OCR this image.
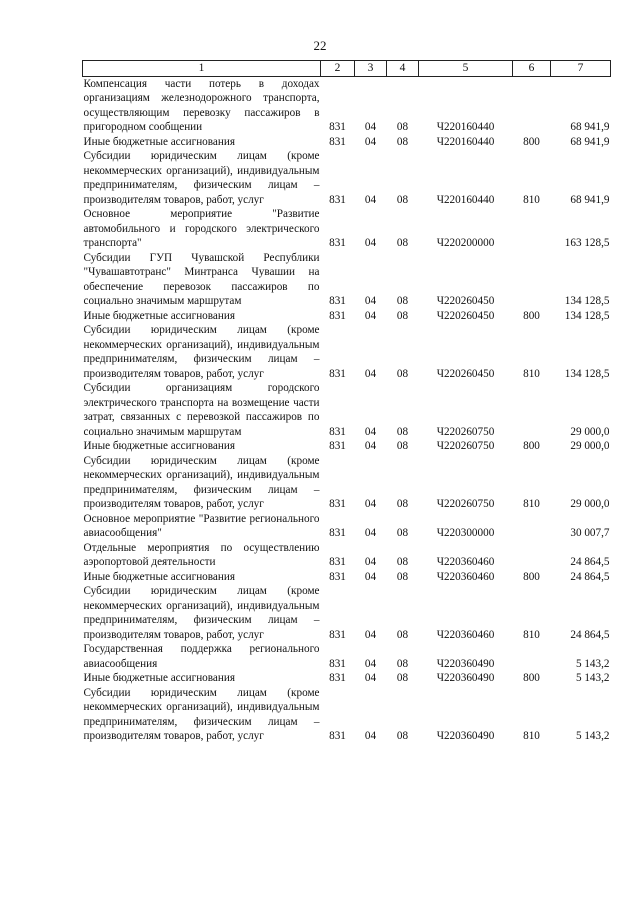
22
1	2	3	4	5	6	7
Компенсация части потерь в доходах организациям железнодорожного транспорта, осуществляющим перевозку пассажиров в пригородном сообщении	831	04	08	Ч220160440		68 941,9
Иные бюджетные ассигнования	831	04	08	Ч220160440	800	68 941,9
Субсидии юридическим лицам (кроме некоммерческих организаций), индивидуальным предпринимателям, физическим лицам – производителям товаров, работ, услуг	831	04	08	Ч220160440	810	68 941,9
Основное мероприятие "Развитие автомобильного и городского электрического транспорта"	831	04	08	Ч220200000		163 128,5
Субсидии ГУП Чувашской Республики "Чувашавтотранс" Минтранса Чувашии на обеспечение перевозок пассажиров по социально значимым маршрутам	831	04	08	Ч220260450		134 128,5
Иные бюджетные ассигнования	831	04	08	Ч220260450	800	134 128,5
Субсидии юридическим лицам (кроме некоммерческих организаций), индивидуальным предпринимателям, физическим лицам – производителям товаров, работ, услуг	831	04	08	Ч220260450	810	134 128,5
Субсидии организациям городского электрического транспорта на возмещение части затрат, связанных с перевозкой пассажиров по социально значимым маршрутам	831	04	08	Ч220260750		29 000,0
Иные бюджетные ассигнования	831	04	08	Ч220260750	800	29 000,0
Субсидии юридическим лицам (кроме некоммерческих организаций), индивидуальным предпринимателям, физическим лицам – производителям товаров, работ, услуг	831	04	08	Ч220260750	810	29 000,0
Основное мероприятие "Развитие регионального авиасообщения"	831	04	08	Ч220300000		30 007,7
Отдельные мероприятия по осуществлению аэропортовой деятельности	831	04	08	Ч220360460		24 864,5
Иные бюджетные ассигнования	831	04	08	Ч220360460	800	24 864,5
Субсидии юридическим лицам (кроме некоммерческих организаций), индивидуальным предпринимателям, физическим лицам – производителям товаров, работ, услуг	831	04	08	Ч220360460	810	24 864,5
Государственная поддержка регионального авиасообщения	831	04	08	Ч220360490		5 143,2
Иные бюджетные ассигнования	831	04	08	Ч220360490	800	5 143,2
Субсидии юридическим лицам (кроме некоммерческих организаций), индивидуальным предпринимателям, физическим лицам – производителям товаров, работ, услуг	831	04	08	Ч220360490	810	5 143,2
